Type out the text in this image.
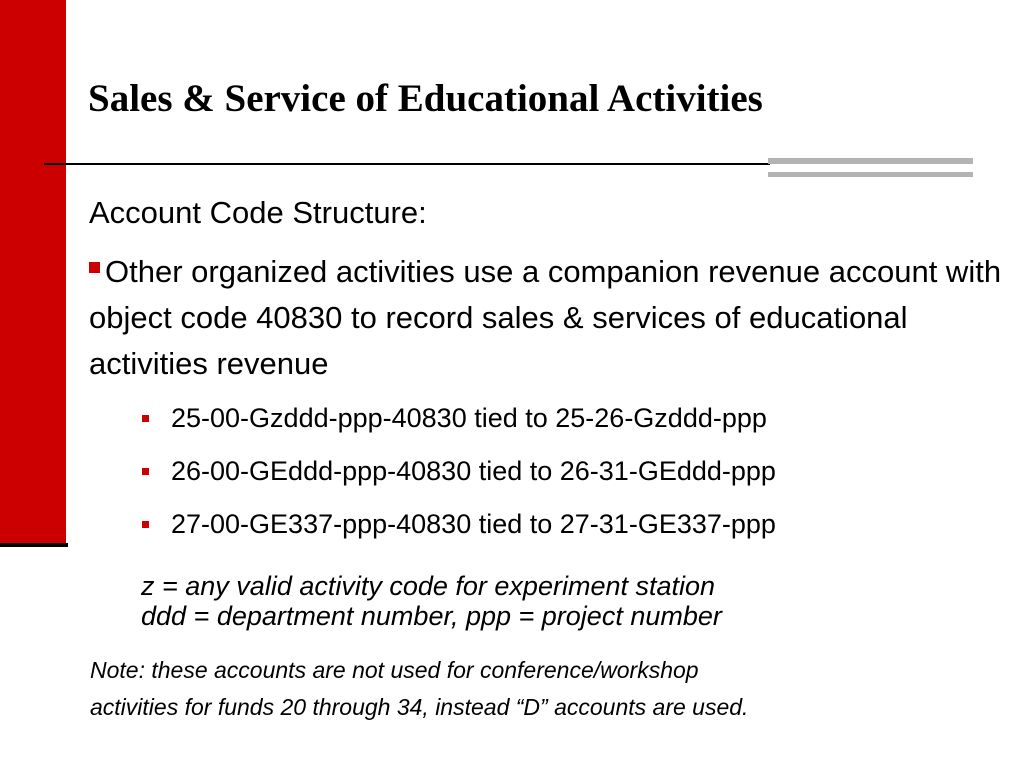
Sales & Service of Educational Activities
Account Code Structure:
Other organized activities use a companion revenue account with object code 40830 to record sales & services of educational activities revenue
25-00-Gzddd-ppp-40830 tied to 25-26-Gzddd-ppp
26-00-GEddd-ppp-40830 tied to 26-31-GEddd-ppp
27-00-GE337-ppp-40830 tied to 27-31-GE337-ppp
z = any valid activity code for experiment station
ddd = department number, ppp = project number
Note: these accounts are not used for conference/workshop
activities for funds 20 through 34, instead “D” accounts are used.
